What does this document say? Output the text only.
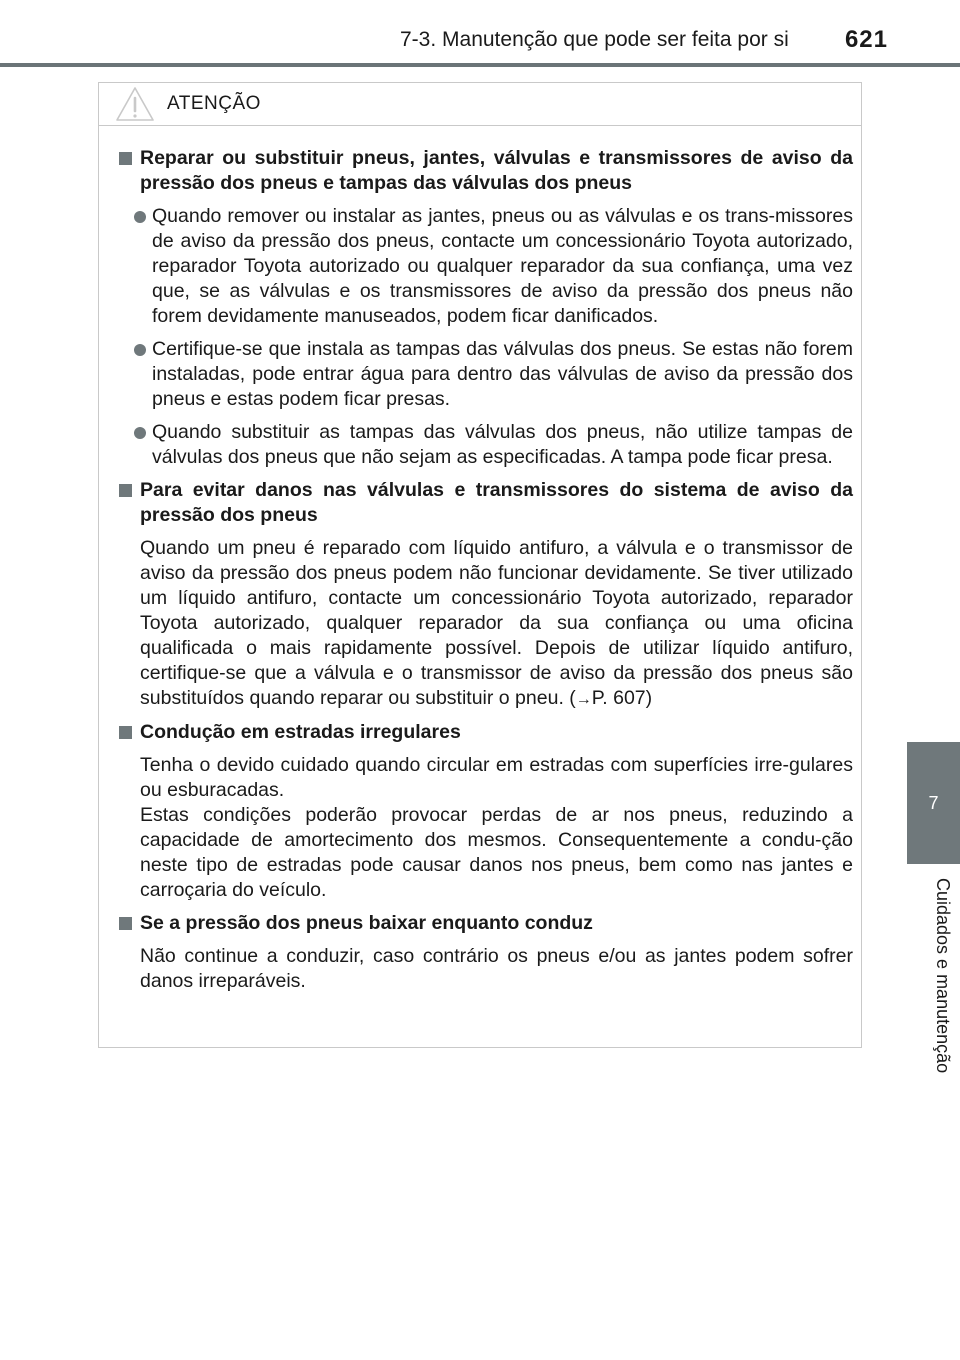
7-3. Manutenção que pode ser feita por si 621
7
Cuidados e manutenção
ATENÇÃO
Reparar ou substituir pneus, jantes, válvulas e transmissores de aviso da pressão dos pneus e tampas das válvulas dos pneus
Quando remover ou instalar as jantes, pneus ou as válvulas e os trans-missores de aviso da pressão dos pneus, contacte um concessionário Toyota autorizado, reparador Toyota autorizado ou qualquer reparador da sua confiança, uma vez que, se as válvulas e os transmissores de aviso da pressão dos pneus não forem devidamente manuseados, podem ficar danificados.
Certifique-se que instala as tampas das válvulas dos pneus. Se estas não forem instaladas, pode entrar água para dentro das válvulas de aviso da pressão dos pneus e estas podem ficar presas.
Quando substituir as tampas das válvulas dos pneus, não utilize tampas de válvulas dos pneus que não sejam as especificadas. A tampa pode ficar presa.
Para evitar danos nas válvulas e transmissores do sistema de aviso da pressão dos pneus
Quando um pneu é reparado com líquido antifuro, a válvula e o transmissor de aviso da pressão dos pneus podem não funcionar devidamente. Se tiver utilizado um líquido antifuro, contacte um concessionário Toyota autorizado, reparador Toyota autorizado, qualquer reparador da sua confiança ou uma oficina qualificada o mais rapidamente possível. Depois de utilizar líquido antifuro, certifique-se que a válvula e o transmissor de aviso da pressão dos pneus são substituídos quando reparar ou substituir o pneu. (→P. 607)
Condução em estradas irregulares
Tenha o devido cuidado quando circular em estradas com superfícies irre-gulares ou esburacadas.
Estas condições poderão provocar perdas de ar nos pneus, reduzindo a capacidade de amortecimento dos mesmos. Consequentemente a condu-ção neste tipo de estradas pode causar danos nos pneus, bem como nas jantes e carroçaria do veículo.
Se a pressão dos pneus baixar enquanto conduz
Não continue a conduzir, caso contrário os pneus e/ou as jantes podem sofrer danos irreparáveis.
